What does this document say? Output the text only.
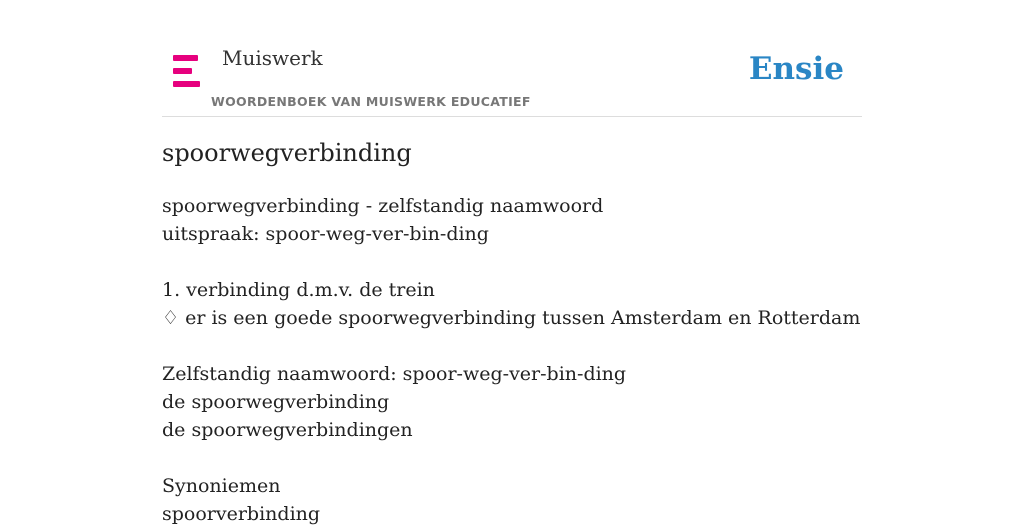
Muiswerk
WOORDENBOEK VAN MUISWERK EDUCATIEF
Ensie
spoorwegverbinding
spoorwegverbinding - zelfstandig naamwoord
uitspraak: spoor-weg-ver-bin-ding
1. verbinding d.m.v. de trein
♢ er is een goede spoorwegverbinding tussen Amsterdam en Rotterdam
Zelfstandig naamwoord: spoor-weg-ver-bin-ding
de spoorwegverbinding
de spoorwegverbindingen
Synoniemen
spoorverbinding
